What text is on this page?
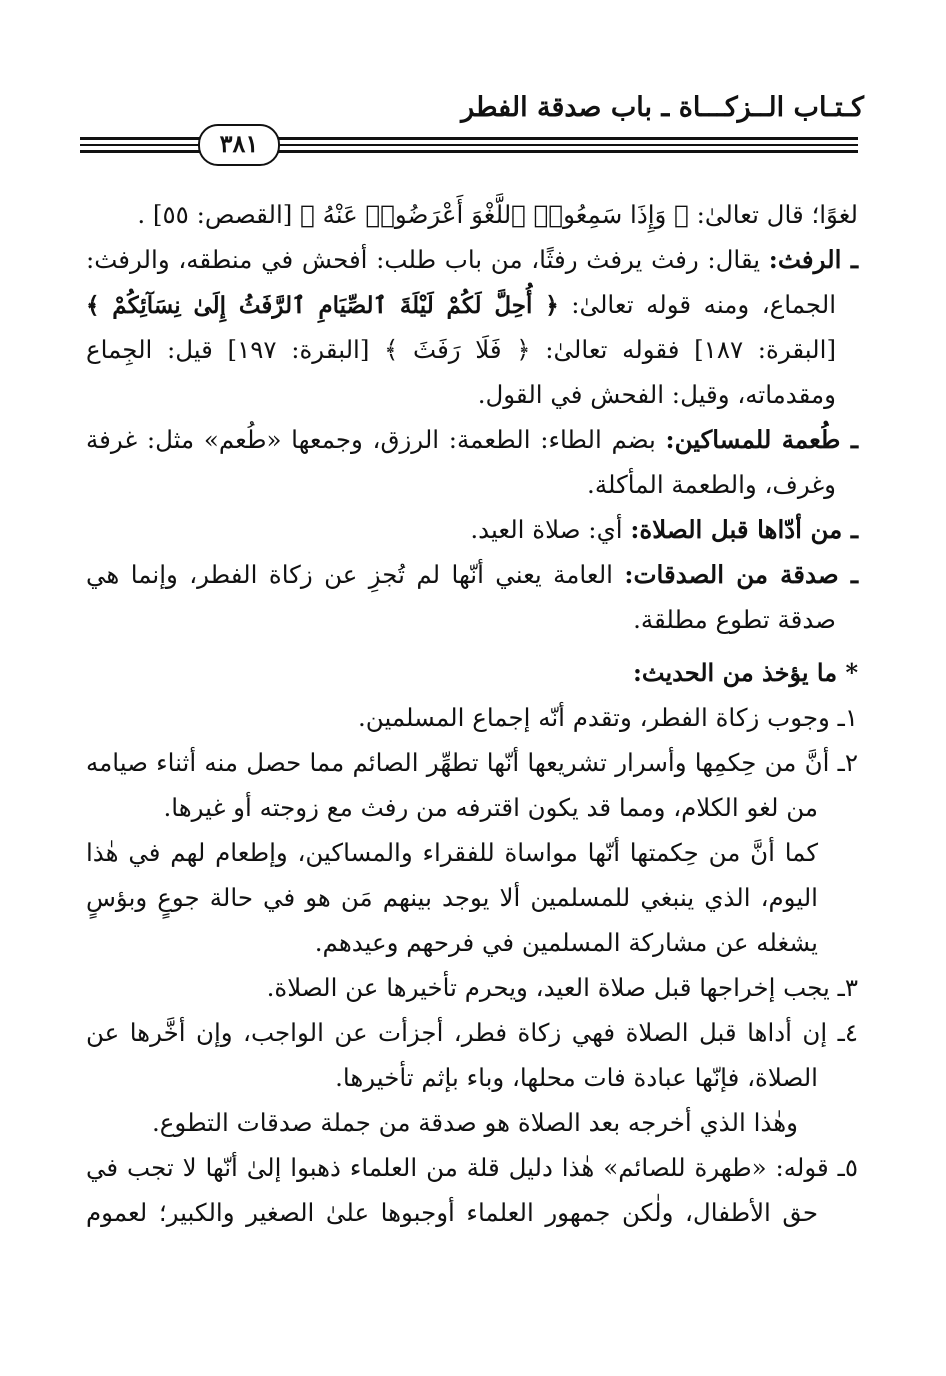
كـتـاب الــزكـــاة ـ باب صدقة الفطر
٣٨١
لغوًا؛ قال تعالىٰ: ﴿ وَإِذَا سَمِعُوا۟ ٱللَّغْوَ أَعْرَضُوا۟ عَنْهُ ﴾ [القصص: ٥٥] .
ـ الرفث: يقال: رفث يرفث رفثًا، من باب طلب: أفحش في منطقه، والرفث:
الجماع، ومنه قوله تعالىٰ: ﴿ أُحِلَّ لَكُمْ لَيْلَةَ ٱلصِّيَامِ ٱلرَّفَثُ إِلَىٰ نِسَآئِكُمْ ﴾
[البقرة: ١٨٧] فقوله تعالىٰ: ﴿ فَلَا رَفَثَ ﴾ [البقرة: ١٩٧] قيل: الجِماع
ومقدماته، وقيل: الفحش في القول.
ـ طُعمة للمساكين: بضم الطاء: الطعمة: الرزق، وجمعها «طُعم» مثل: غرفة
وغرف، والطعمة المأكلة.
ـ من أدّاها قبل الصلاة: أي: صلاة العيد.
ـ صدقة من الصدقات: العامة يعني أنّها لم تُجزِ عن زكاة الفطر، وإنما هي
صدقة تطوع مطلقة.
* ما يؤخذ من الحديث:
١ـ وجوب زكاة الفطر، وتقدم أنّه إجماع المسلمين.
٢ـ أنَّ من حِكمِها وأسرار تشريعها أنّها تطهِّر الصائم مما حصل منه أثناء صيامه
من لغو الكلام، ومما قد يكون اقترفه من رفث مع زوجته أو غيرها.
كما أنَّ من حِكمتها أنّها مواساة للفقراء والمساكين، وإطعام لهم في هٰذا
اليوم، الذي ينبغي للمسلمين ألا يوجد بينهم مَن هو في حالة جوعٍ وبؤسٍ
يشغله عن مشاركة المسلمين في فرحهم وعيدهم.
٣ـ يجب إخراجها قبل صلاة العيد، ويحرم تأخيرها عن الصلاة.
٤ـ إن أداها قبل الصلاة فهي زكاة فطر، أجزأت عن الواجب، وإن أخَّرها عن
الصلاة، فإنّها عبادة فات محلها، وباء بإثم تأخيرها.
وهٰذا الذي أخرجه بعد الصلاة هو صدقة من جملة صدقات التطوع.
٥ـ قوله: «طهرة للصائم» هٰذا دليل قلة من العلماء ذهبوا إلىٰ أنّها لا تجب في
حق الأطفال، ولٰكن جمهور العلماء أوجبوها علىٰ الصغير والكبير؛ لعموم
